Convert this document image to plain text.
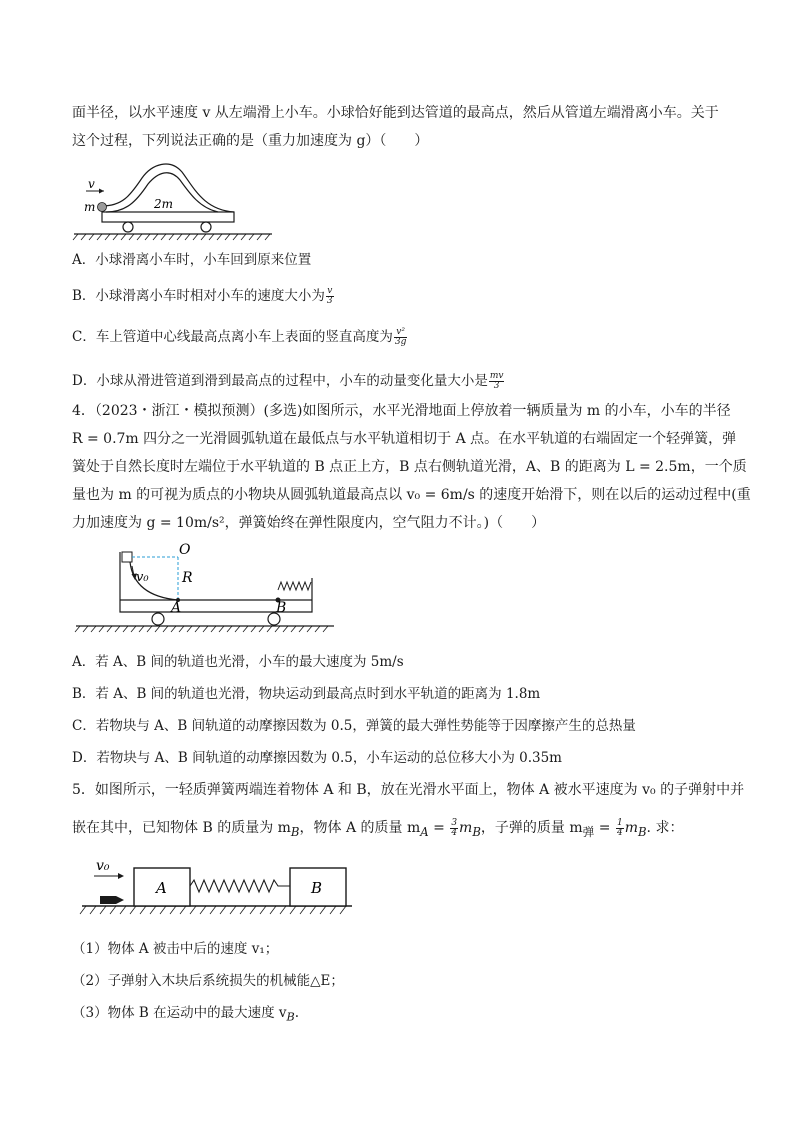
面半径，以水平速度 v 从左端滑上小车。小球恰好能到达管道的最高点，然后从管道左端滑离小车。关于
这个过程，下列说法正确的是（重力加速度为 g）（　　）
v
m	2m
A．小球滑离小车时，小车回到原来位置
B．小球滑离小车时相对小车的速度大小为 $\frac{v}{3}$
C．车上管道中心线最高点离小车上表面的竖直高度为 $\frac{\text{v²}}{3g}$
D．小球从滑进管道到滑到最高点的过程中，小车的动量变化量大小是 $\frac{mv}{3}$
4．（2023・浙江・模拟预测）(多选)如图所示，水平光滑地面上停放着一辆质量为 m 的小车，小车的半径
R = 0.7m 四分之一光滑圆弧轨道在最低点与水平轨道相切于 A 点。在水平轨道的右端固定一个轻弹簧，弹
簧处于自然长度时左端位于水平轨道的 B 点正上方，B 点右侧轨道光滑，A、B 的距离为 L = 2.5m，一个质
量也为 m 的可视为质点的小物块从圆弧轨道最高点以 v₀ = 6m/s 的速度开始滑下，则在以后的运动过程中(重
力加速度为 g = 10m/s²，弹簧始终在弹性限度内，空气阻力不计。)（　　）
O
v₀ R
A	B
A．若 A、B 间的轨道也光滑，小车的最大速度为 5m/s
B．若 A、B 间的轨道也光滑，物块运动到最高点时到水平轨道的距离为 1.8m
C．若物块与 A、B 间轨道的动摩擦因数为 0.5，弹簧的最大弹性势能等于因摩擦产生的总热量
D．若物块与 A、B 间轨道的动摩擦因数为 0.5，小车运动的总位移大小为 0.35m
5．如图所示，一轻质弹簧两端连着物体 A 和 B，放在光滑水平面上，物体 A 被水平速度为 v₀ 的子弹射中并
嵌在其中，已知物体 B 的质量为 $m_B$，物体 A 的质量 $m_A = \frac{3}{4} m_B$，子弹的质量 $m_弹 = \frac{1}{4} m_B$. 求：
v₀
A	B
（1）物体 A 被击中后的速度 v₁；
（2）子弹射入木块后系统损失的机械能△E；
（3）物体 B 在运动中的最大速度 $v_B$.
